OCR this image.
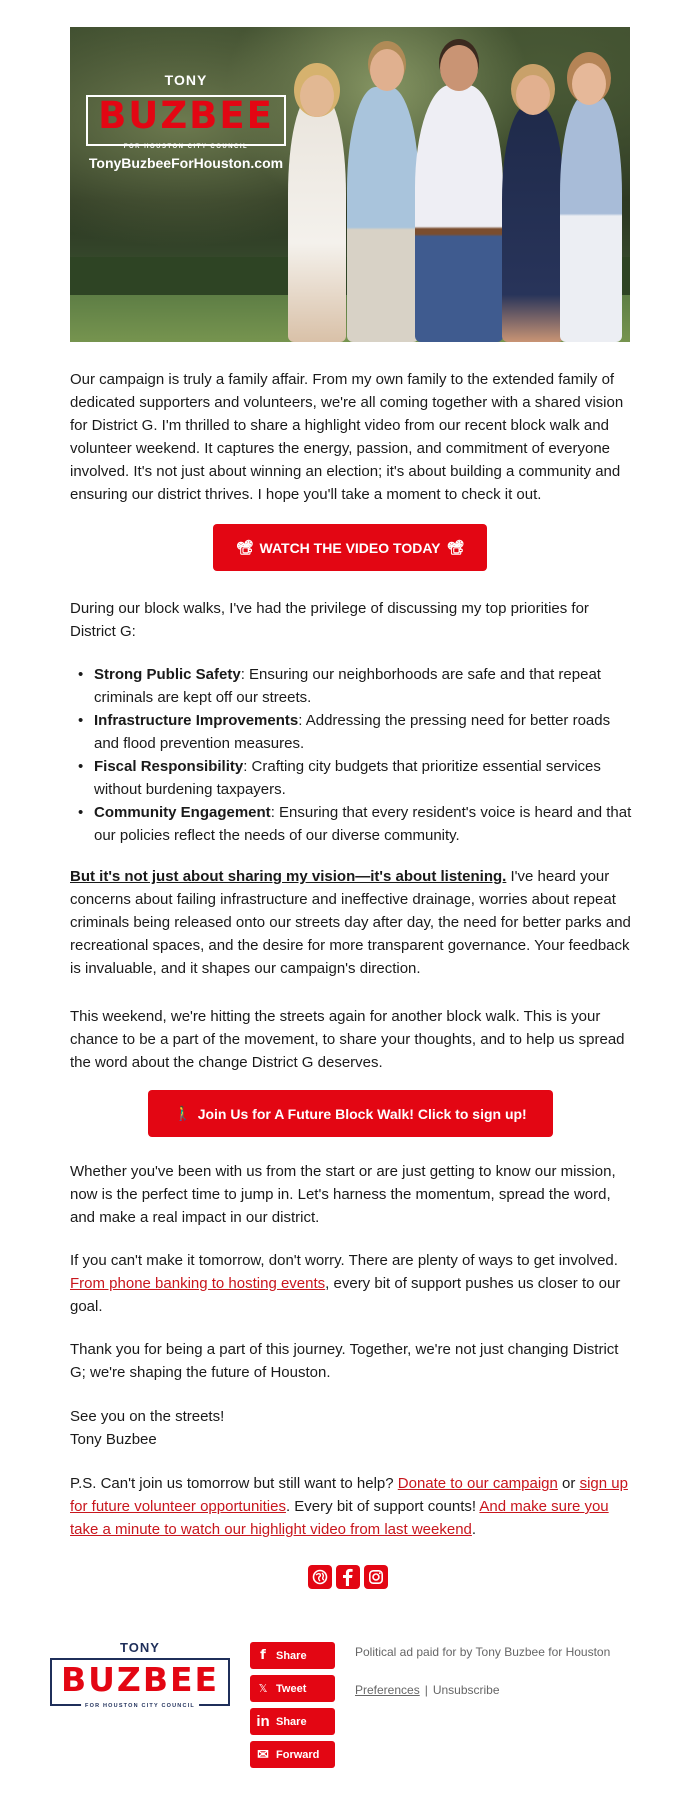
TONY
BUZBEE
FOR HOUSTON CITY COUNCIL
TonyBuzbeeForHouston.com

Our campaign is truly a family affair. From my own family to the extended family of dedicated supporters and volunteers, we're all coming together with a shared vision for District G. I'm thrilled to share a highlight video from our recent block walk and volunteer weekend. It captures the energy, passion, and commitment of everyone involved. It's not just about winning an election; it's about building a community and ensuring our district thrives. I hope you'll take a moment to check it out.

📽 WATCH THE VIDEO TODAY 📽

During our block walks, I've had the privilege of discussing my top priorities for District G:

• Strong Public Safety: Ensuring our neighborhoods are safe and that repeat criminals are kept off our streets.
• Infrastructure Improvements: Addressing the pressing need for better roads and flood prevention measures.
• Fiscal Responsibility: Crafting city budgets that prioritize essential services without burdening taxpayers.
• Community Engagement: Ensuring that every resident's voice is heard and that our policies reflect the needs of our diverse community.

But it's not just about sharing my vision—it's about listening. I've heard your concerns about failing infrastructure and ineffective drainage, worries about repeat criminals being released onto our streets day after day, the need for better parks and recreational spaces, and the desire for more transparent governance. Your feedback is invaluable, and it shapes our campaign's direction.

This weekend, we're hitting the streets again for another block walk. This is your chance to be a part of the movement, to share your thoughts, and to help us spread the word about the change District G deserves.

🚶‍♂ Join Us for A Future Block Walk! Click to sign up!

Whether you've been with us from the start or are just getting to know our mission, now is the perfect time to jump in. Let's harness the momentum, spread the word, and make a real impact in our district.

If you can't make it tomorrow, don't worry. There are plenty of ways to get involved. From phone banking to hosting events, every bit of support pushes us closer to our goal.

Thank you for being a part of this journey. Together, we're not just changing District G; we're shaping the future of Houston.

See you on the streets!

Tony Buzbee

P.S. Can't join us tomorrow but still want to help? Donate to our campaign or sign up for future volunteer opportunities. Every bit of support counts! And make sure you take a minute to watch our highlight video from last weekend.

TONY
BUZBEE
FOR HOUSTON CITY COUNCIL
f Share
𝕏 Tweet
in Share
✉ Forward
Political ad paid for by Tony Buzbee for Houston
Preferences | Unsubscribe
